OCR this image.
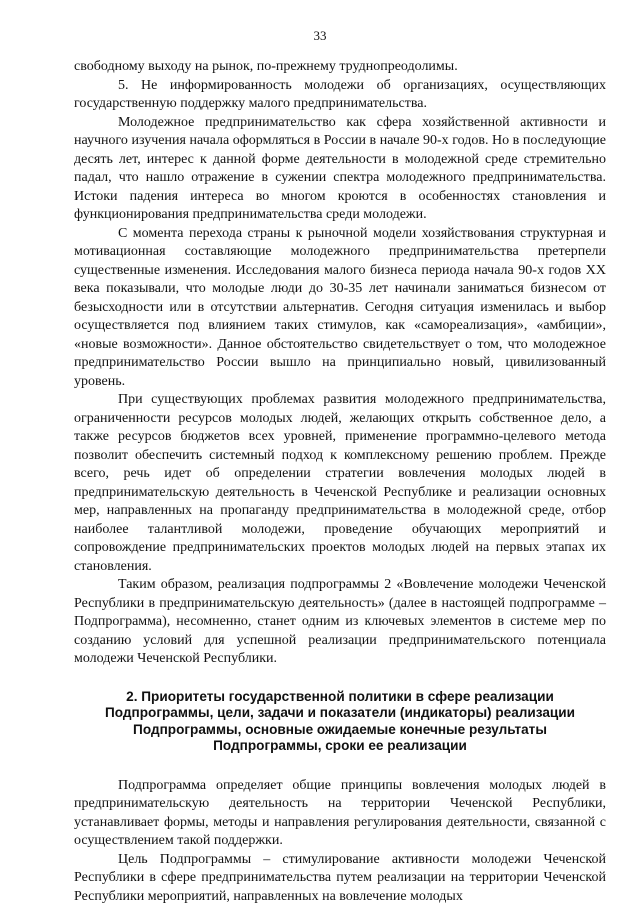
33

свободному выходу на рынок, по-прежнему труднопреодолимы.

5. Не информированность молодежи об организациях, осуществляющих государственную поддержку малого предпринимательства.

Молодежное предпринимательство как сфера хозяйственной активности и научного изучения начала оформляться в России в начале 90-х годов. Но в последующие десять лет, интерес к данной форме деятельности в молодежной среде стремительно падал, что нашло отражение в сужении спектра молодежного предпринимательства. Истоки падения интереса во многом кроются в особенностях становления и функционирования предпринимательства среди молодежи.

С момента перехода страны к рыночной модели хозяйствования структурная и мотивационная составляющие молодежного предпринимательства претерпели существенные изменения. Исследования малого бизнеса периода начала 90-х годов XX века показывали, что молодые люди до 30-35 лет начинали заниматься бизнесом от безысходности или в отсутствии альтернатив. Сегодня ситуация изменилась и выбор осуществляется под влиянием таких стимулов, как «самореализация», «амбиции», «новые возможности». Данное обстоятельство свидетельствует о том, что молодежное предпринимательство России вышло на принципиально новый, цивилизованный уровень.

При существующих проблемах развития молодежного предпринимательства, ограниченности ресурсов молодых людей, желающих открыть собственное дело, а также ресурсов бюджетов всех уровней, применение программно-целевого метода позволит обеспечить системный подход к комплексному решению проблем. Прежде всего, речь идет об определении стратегии вовлечения молодых людей в предпринимательскую деятельность в Чеченской Республике и реализации основных мер, направленных на пропаганду предпринимательства в молодежной среде, отбор наиболее талантливой молодежи, проведение обучающих мероприятий и сопровождение предпринимательских проектов молодых людей на первых этапах их становления.

Таким образом, реализация подпрограммы 2 «Вовлечение молодежи Чеченской Республики в предпринимательскую деятельность» (далее в настоящей подпрограмме – Подпрограмма), несомненно, станет одним из ключевых элементов в системе мер по созданию условий для успешной реализации предпринимательского потенциала молодежи Чеченской Республики.

2. Приоритеты государственной политики в сфере реализации
Подпрограммы, цели, задачи и показатели (индикаторы) реализации
Подпрограммы, основные ожидаемые конечные результаты
Подпрограммы, сроки ее реализации

Подпрограмма определяет общие принципы вовлечения молодых людей в предпринимательскую деятельность на территории Чеченской Республики, устанавливает формы, методы и направления регулирования деятельности, связанной с осуществлением такой поддержки.

Цель Подпрограммы – стимулирование активности молодежи Чеченской Республики в сфере предпринимательства путем реализации на территории Чеченской Республики мероприятий, направленных на вовлечение молодых
